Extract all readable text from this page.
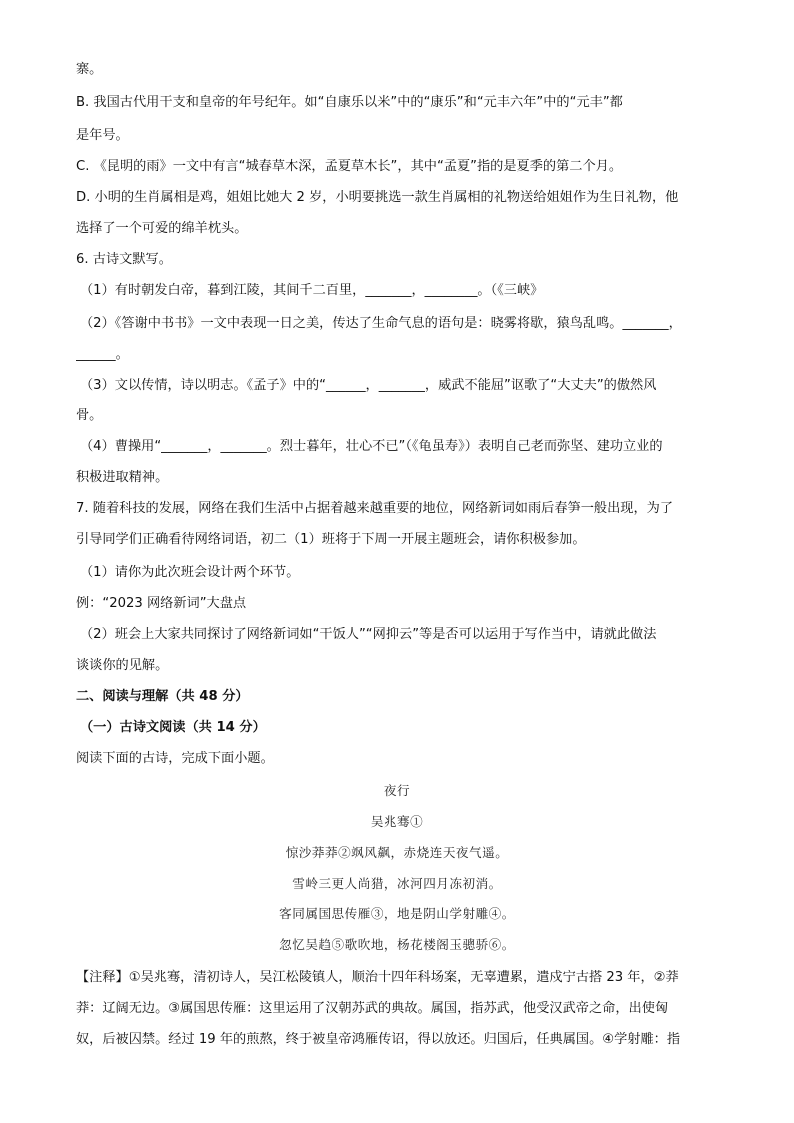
寨。
B. 我国古代用干支和皇帝的年号纪年。如“自康乐以米”中的“康乐”和“元丰六年”中的“元丰”都
是年号。
C. 《昆明的雨》一文中有言“城春草木深，孟夏草木长”，其中“孟夏”指的是夏季的第二个月。
D. 小明的生肖属相是鸡，姐姐比她大 2 岁，小明要挑选一款生肖属相的礼物送给姐姐作为生日礼物，他
选择了一个可爱的绵羊枕头。
6. 古诗文默写。
（1）有时朝发白帝，暮到江陵，其间千二百里，_______，________。（《三峡》
（2）《答谢中书书》一文中表现一日之美，传达了生命气息的语句是：晓雾将歇，猿鸟乱鸣。_______，
______。
（3）文以传情，诗以明志。《孟子》中的“______，_______，威武不能屈”讴歌了“大丈夫”的傲然风
骨。
（4）曹操用“_______，_______。烈士暮年，壮心不已”（《龟虽寿》）表明自己老而弥坚、建功立业的
积极进取精神。
7. 随着科技的发展，网络在我们生活中占据着越来越重要的地位，网络新词如雨后春笋一般出现，为了
引导同学们正确看待网络词语，初二（1）班将于下周一开展主题班会，请你积极参加。
（1）请你为此次班会设计两个环节。
例：“2023 网络新词”大盘点
（2）班会上大家共同探讨了网络新词如“干饭人”“网抑云”等是否可以运用于写作当中，请就此做法
谈谈你的见解。
二、阅读与理解（共 48 分）
（一）古诗文阅读（共 14 分）
阅读下面的古诗，完成下面小题。
夜行
吴兆骞①
惊沙莽莽②飒风飙，赤烧连天夜气遥。
雪岭三更人尚猎，冰河四月冻初消。
客同属国思传雁③，地是阴山学射雕④。
忽忆吴趋⑤歌吹地，杨花楼阁玉骢骄⑥。
【注释】①吴兆骞，清初诗人，吴江松陵镇人，顺治十四年科场案，无辜遭累，遣戍宁古搭 23 年，②莽
莽：辽阔无边。③属国思传雁：这里运用了汉朝苏武的典故。属国，指苏武，他受汉武帝之命，出使匈
奴，后被囚禁。经过 19 年的煎熬，终于被皇帝鸿雁传诏，得以放还。归国后，任典属国。④学射雕：指
